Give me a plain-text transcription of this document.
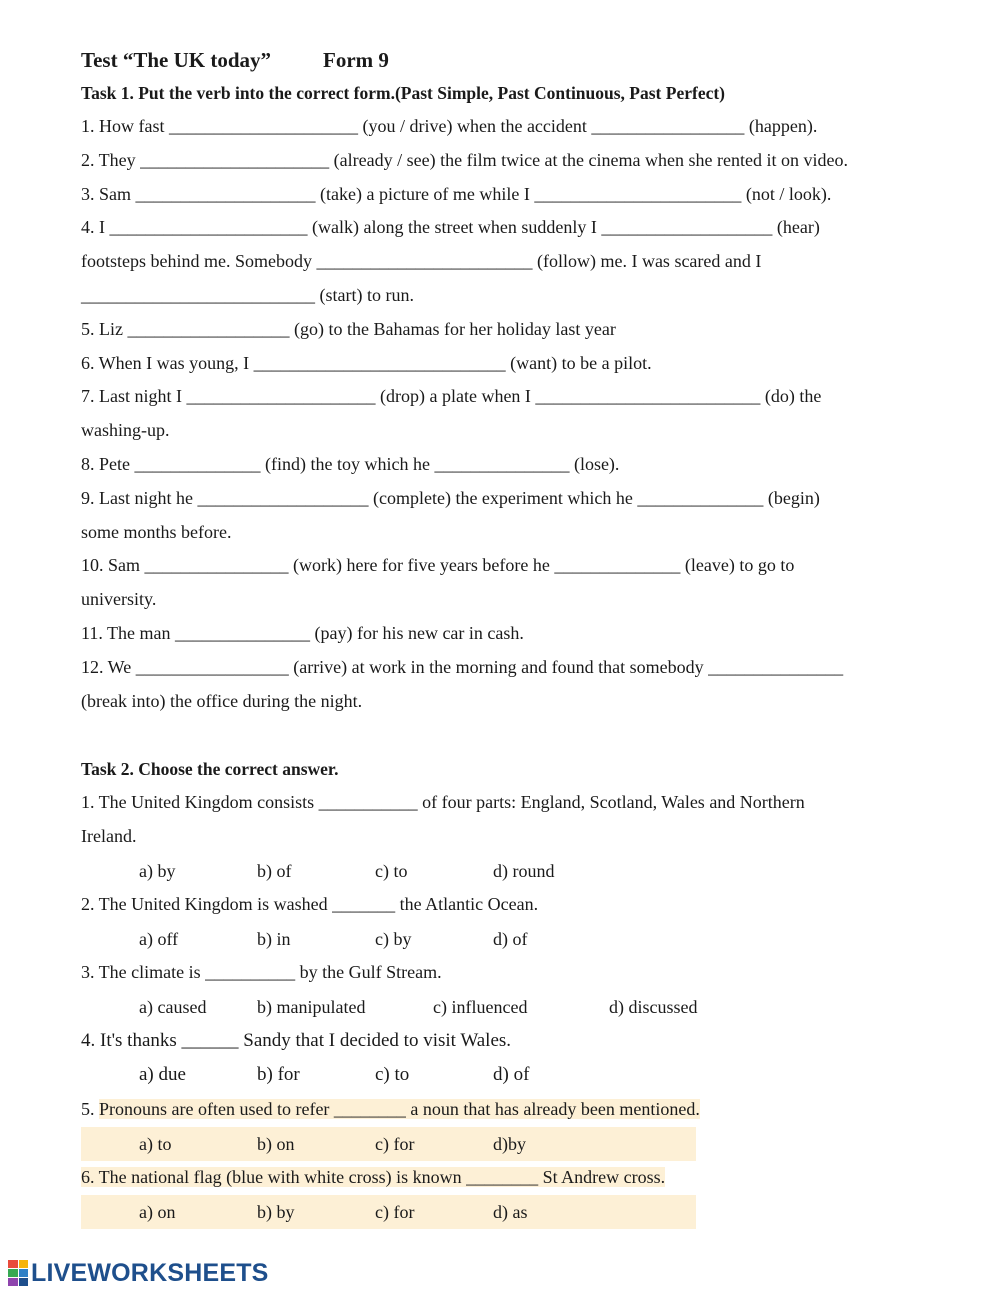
Test “The UK today” Form 9
Task 1. Put the verb into the correct form.(Past Simple, Past Continuous, Past Perfect)
1. How fast _____________________ (you / drive) when the accident _________________ (happen).
2. They _____________________ (already / see) the film twice at the cinema when she rented it on video.
3. Sam ____________________ (take) a picture of me while I _______________________ (not / look).
4. I ______________________ (walk) along the street when suddenly I ___________________ (hear)
footsteps behind me. Somebody ________________________ (follow) me. I was scared and I
__________________________ (start) to run.
5. Liz __________________ (go) to the Bahamas for her holiday last year
6. When I was young, I ____________________________ (want) to be a pilot.
7. Last night I _____________________ (drop) a plate when I _________________________ (do) the
washing-up.
8. Pete ______________ (find) the toy which he _______________ (lose).
9. Last night he ___________________ (complete) the experiment which he ______________ (begin)
some months before.
10. Sam ________________ (work) here for five years before he ______________ (leave) to go to
university.
11. The man _______________ (pay) for his new car in cash.
12. We _________________ (arrive) at work in the morning and found that somebody _______________
(break into) the office during the night.
Task 2. Choose the correct answer.
1. The United Kingdom consists ___________ of four parts: England, Scotland, Wales and Northern
Ireland.
a) by	b) of	c) to	d) round
2. The United Kingdom is washed _______ the Atlantic Ocean.
a) off	b) in	c) by	d) of
3. The climate is __________ by the Gulf Stream.
a) caused	b) manipulated	c) influenced	d) discussed
4. It's thanks ______ Sandy that I decided to visit Wales.
a) due	b) for	c) to	d) of
5. Pronouns are often used to refer ________ a noun that has already been mentioned.
a) to	b) on	c) for	d)by
6. The national flag (blue with white cross) is known ________ St Andrew cross.
a) on	b) by	c) for	d) as
LIVEWORKSHEETS
